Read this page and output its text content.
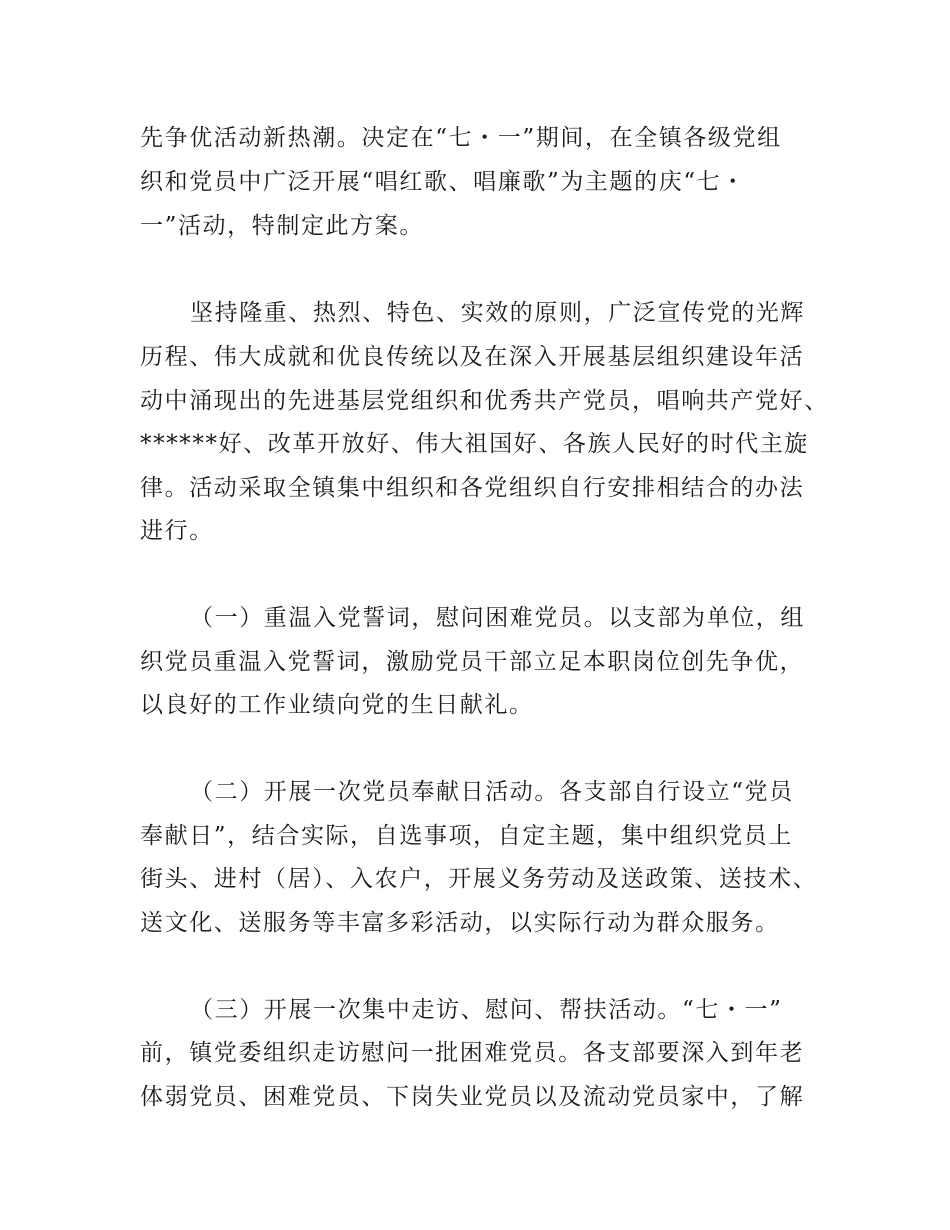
先争优活动新热潮。决定在“七・一”期间，在全镇各级党组
织和党员中广泛开展“唱红歌、唱廉歌”为主题的庆“七・
一”活动，特制定此方案。
坚持隆重、热烈、特色、实效的原则，广泛宣传党的光辉
历程、伟大成就和优良传统以及在深入开展基层组织建设年活
动中涌现出的先进基层党组织和优秀共产党员，唱响共产党好、
******好、改革开放好、伟大祖国好、各族人民好的时代主旋
律。活动采取全镇集中组织和各党组织自行安排相结合的办法
进行。
（一）重温入党誓词，慰问困难党员。以支部为单位，组
织党员重温入党誓词，激励党员干部立足本职岗位创先争优，
以良好的工作业绩向党的生日献礼。
（二）开展一次党员奉献日活动。各支部自行设立“党员
奉献日”，结合实际，自选事项，自定主题，集中组织党员上
街头、进村（居）、入农户，开展义务劳动及送政策、送技术、
送文化、送服务等丰富多彩活动，以实际行动为群众服务。
（三）开展一次集中走访、慰问、帮扶活动。“七・一”
前，镇党委组织走访慰问一批困难党员。各支部要深入到年老
体弱党员、困难党员、下岗失业党员以及流动党员家中，了解
